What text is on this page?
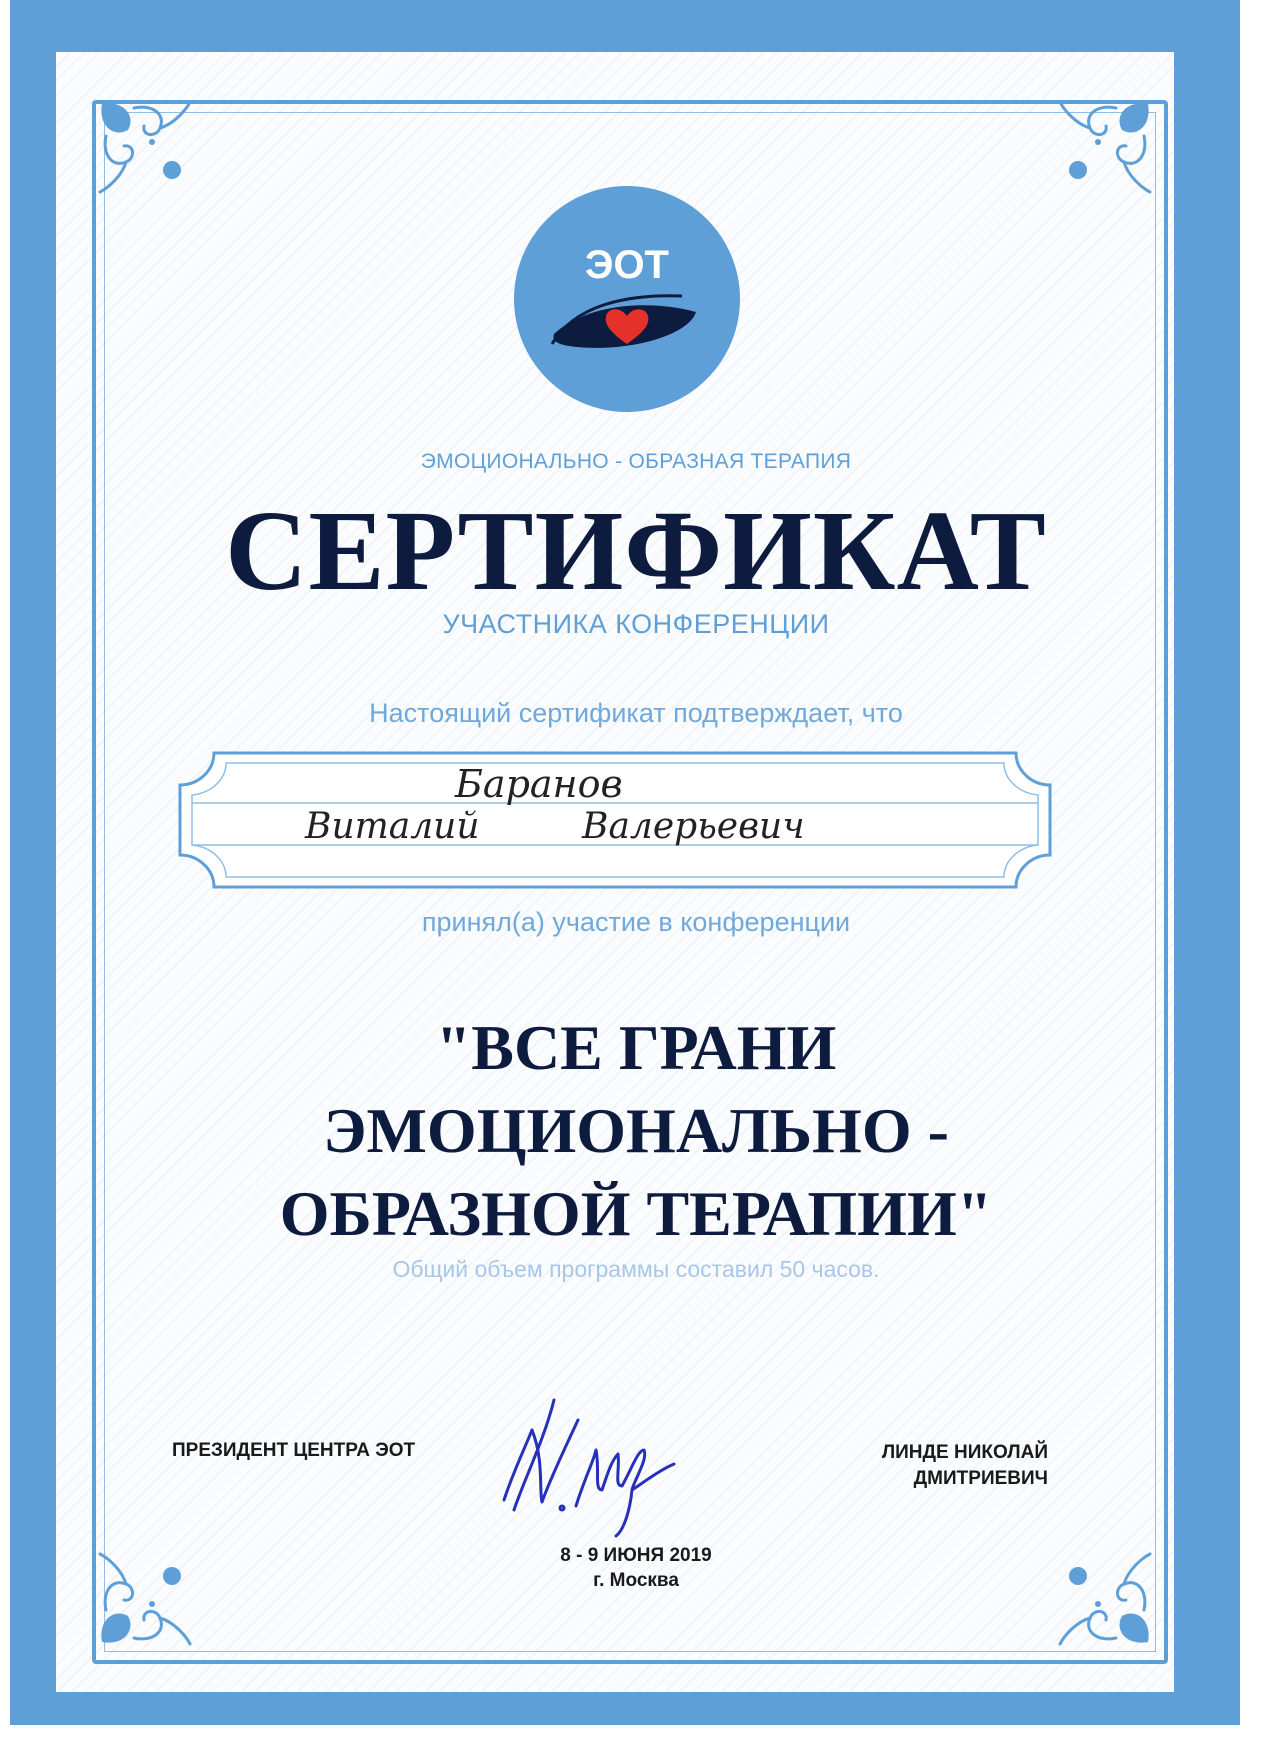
ЭОТ
ЭМОЦИОНАЛЬНО - ОБРАЗНАЯ ТЕРАПИЯ
СЕРТИФИКАТ
УЧАСТНИКА КОНФЕРЕНЦИИ
Настоящий сертификат подтверждает, что
Баранов
Виталий	Валерьевич
принял(а) участие в конференции
"ВСЕ ГРАНИ
ЭМОЦИОНАЛЬНО -
ОБРАЗНОЙ ТЕРАПИИ"
Общий объем программы составил 50 часов.
ПРЕЗИДЕНТ ЦЕНТРА ЭОТ	ЛИНДЕ НИКОЛАЙ
ДМИТРИЕВИЧ
8 - 9 ИЮНЯ 2019
г. Москва
